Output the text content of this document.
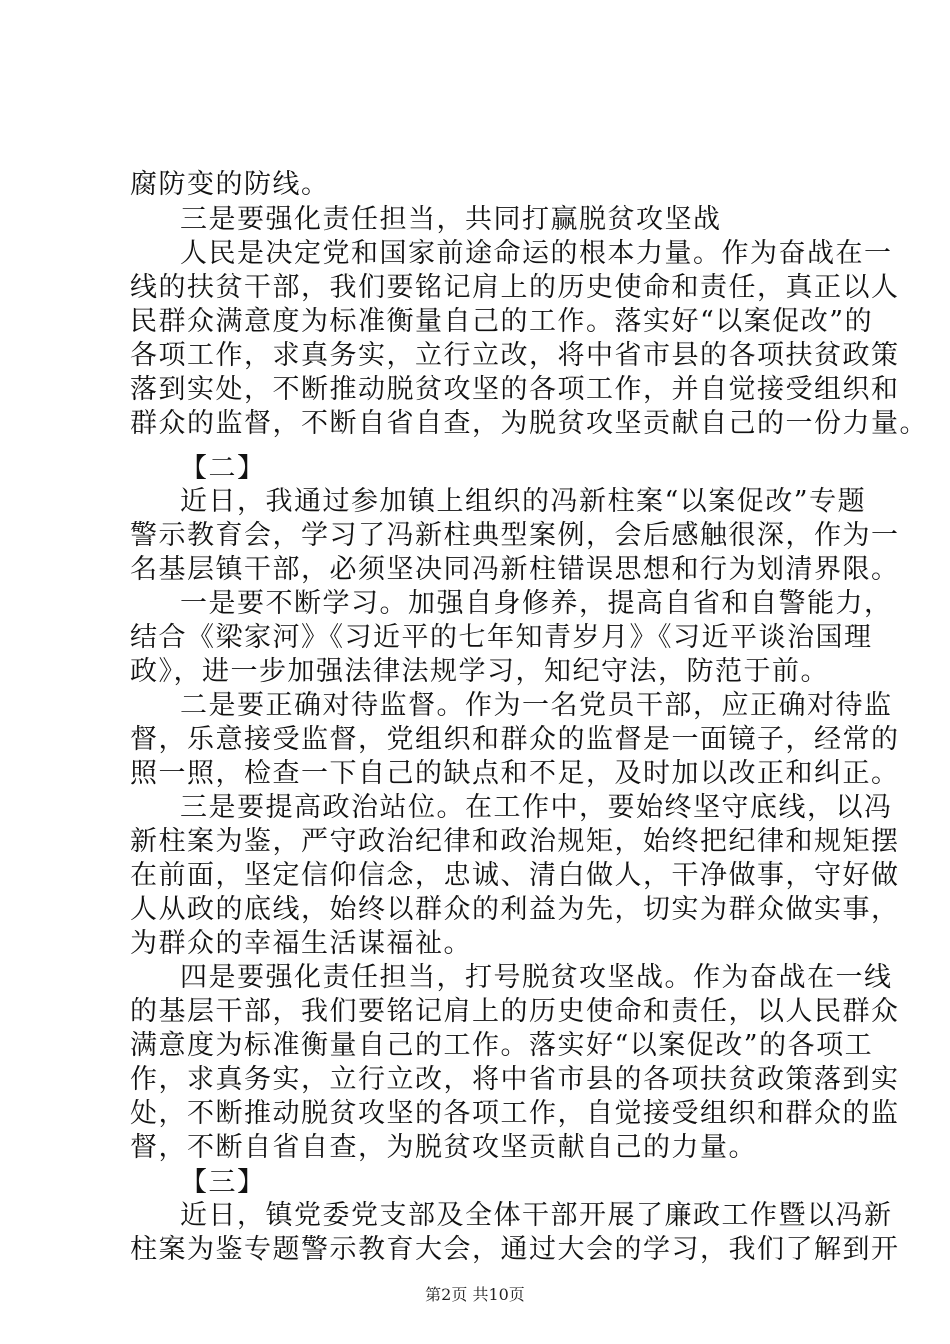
腐防变的防线。
三是要强化责任担当，共同打赢脱贫攻坚战
人民是决定党和国家前途命运的根本力量。作为奋战在一
线的扶贫干部，我们要铭记肩上的历史使命和责任，真正以人
民群众满意度为标准衡量自己的工作。落实好“以案促改”的
各项工作，求真务实，立行立改，将中省市县的各项扶贫政策
落到实处，不断推动脱贫攻坚的各项工作，并自觉接受组织和
群众的监督，不断自省自查，为脱贫攻坚贡献自己的一份力量。
【二】
近日，我通过参加镇上组织的冯新柱案“以案促改”专题
警示教育会，学习了冯新柱典型案例，会后感触很深，作为一
名基层镇干部，必须坚决同冯新柱错误思想和行为划清界限。
一是要不断学习。加强自身修养，提高自省和自警能力，
结合《梁家河》《习近平的七年知青岁月》《习近平谈治国理
政》，进一步加强法律法规学习，知纪守法，防范于前。
二是要正确对待监督。作为一名党员干部，应正确对待监
督，乐意接受监督，党组织和群众的监督是一面镜子，经常的
照一照，检查一下自己的缺点和不足，及时加以改正和纠正。
三是要提高政治站位。在工作中，要始终坚守底线，以冯
新柱案为鉴，严守政治纪律和政治规矩，始终把纪律和规矩摆
在前面，坚定信仰信念，忠诚、清白做人，干净做事，守好做
人从政的底线，始终以群众的利益为先，切实为群众做实事，
为群众的幸福生活谋福祉。
四是要强化责任担当，打号脱贫攻坚战。作为奋战在一线
的基层干部，我们要铭记肩上的历史使命和责任，以人民群众
满意度为标准衡量自己的工作。落实好“以案促改”的各项工
作，求真务实，立行立改，将中省市县的各项扶贫政策落到实
处，不断推动脱贫攻坚的各项工作，自觉接受组织和群众的监
督，不断自省自查，为脱贫攻坚贡献自己的力量。
【三】
近日，镇党委党支部及全体干部开展了廉政工作暨以冯新
柱案为鉴专题警示教育大会，通过大会的学习，我们了解到开
第2页 共10页
